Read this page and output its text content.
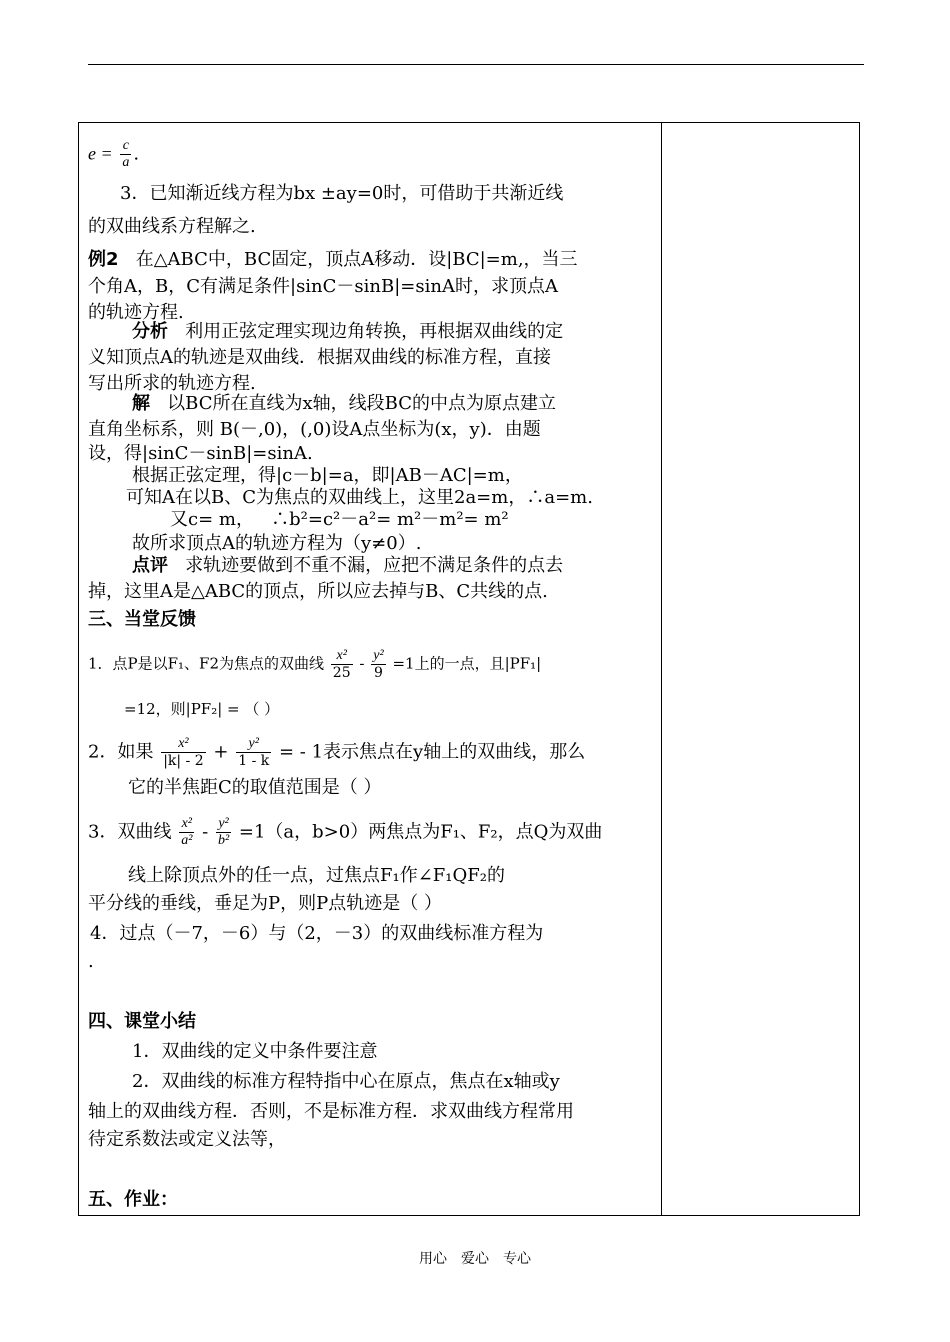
$e = \frac{c}{a}$ .
3．已知渐近线方程为bx ±ay=0时，可借助于共渐近线
的双曲线系方程解之.
例2 在△ABC中，BC固定，顶点A移动．设|BC|=m,，当三
个角A，B，C有满足条件|sinC－sinB|=sinA时，求顶点A
的轨迹方程.
分析 利用正弦定理实现边角转换，再根据双曲线的定
义知顶点A的轨迹是双曲线．根据双曲线的标准方程，直接
写出所求的轨迹方程.
解 以BC所在直线为x轴，线段BC的中点为原点建立
直角坐标系，则 B(－,0)，(,0)设A点坐标为(x，y)．由题
设，得|sinC－sinB|=sinA.
根据正弦定理，得|c－b|=a，即|AB－AC|=m，
可知A在以B、C为焦点的双曲线上，这里2a=m，∴a=m.
又c= m， ∴b²=c²－a²= m²－m²= m²
故所求顶点A的轨迹方程为（y≠0）.
点评 求轨迹要做到不重不漏，应把不满足条件的点去
掉，这里A是△ABC的顶点，所以应去掉与B、C共线的点.
三、当堂反馈
1．点P是以F₁、F2为焦点的双曲线 $\frac{\text{x²}}{25} - \frac{\text{y²}}{9} =1$上的一点，且|PF₁|
=12，则|PF₂| = （ ）
2．如果 $\frac{\text{x²}}{|k| - 2} + \frac{\text{y²}}{1 - k}$ = - 1表示焦点在y轴上的双曲线，那么
它的半焦距C的取值范围是（ ）
3．双曲线 $\frac{\text{x²}}{\text{a²}} - \frac{\text{y²}}{\text{b²}} =1(a$，b>0）两焦点为F₁、F₂，点Q为双曲
线上除顶点外的任一点，过焦点F₁作∠F₁QF₂的
平分线的垂线，垂足为P，则P点轨迹是（ ）
4．过点（－7，－6）与（2，－3）的双曲线标准方程为
.
四、课堂小结
1．双曲线的定义中条件要注意
2．双曲线的标准方程特指中心在原点，焦点在x轴或y
轴上的双曲线方程．否则，不是标准方程．求双曲线方程常用
待定系数法或定义法等，
五、作业：
用心　爱心　专心
